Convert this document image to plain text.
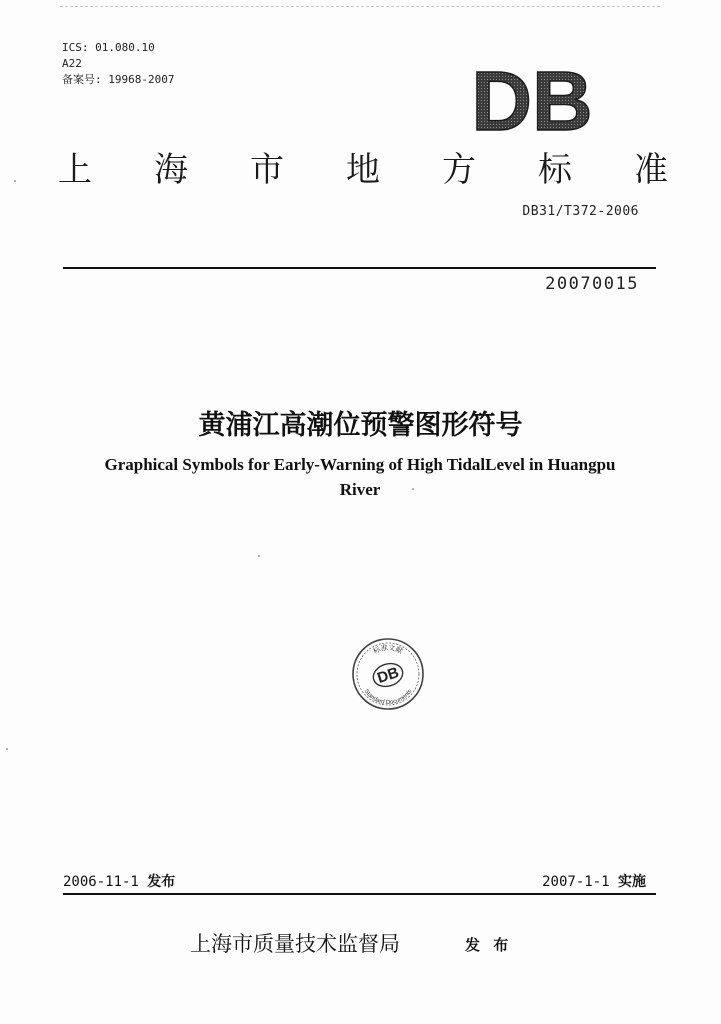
ICS: 01.080.10
A22
备案号: 19968-2007	DB
上 海 市 地 方 标 准
DB31/T372-2006
20070015
黄浦江高潮位预警图形符号
Graphical Symbols for Early-Warning of High TidalLevel in Huangpu
River
标准文献
DB
Standard Documents
2006-11-1 发布	2007-1-1 实施
上海市质量技术监督局	发 布
